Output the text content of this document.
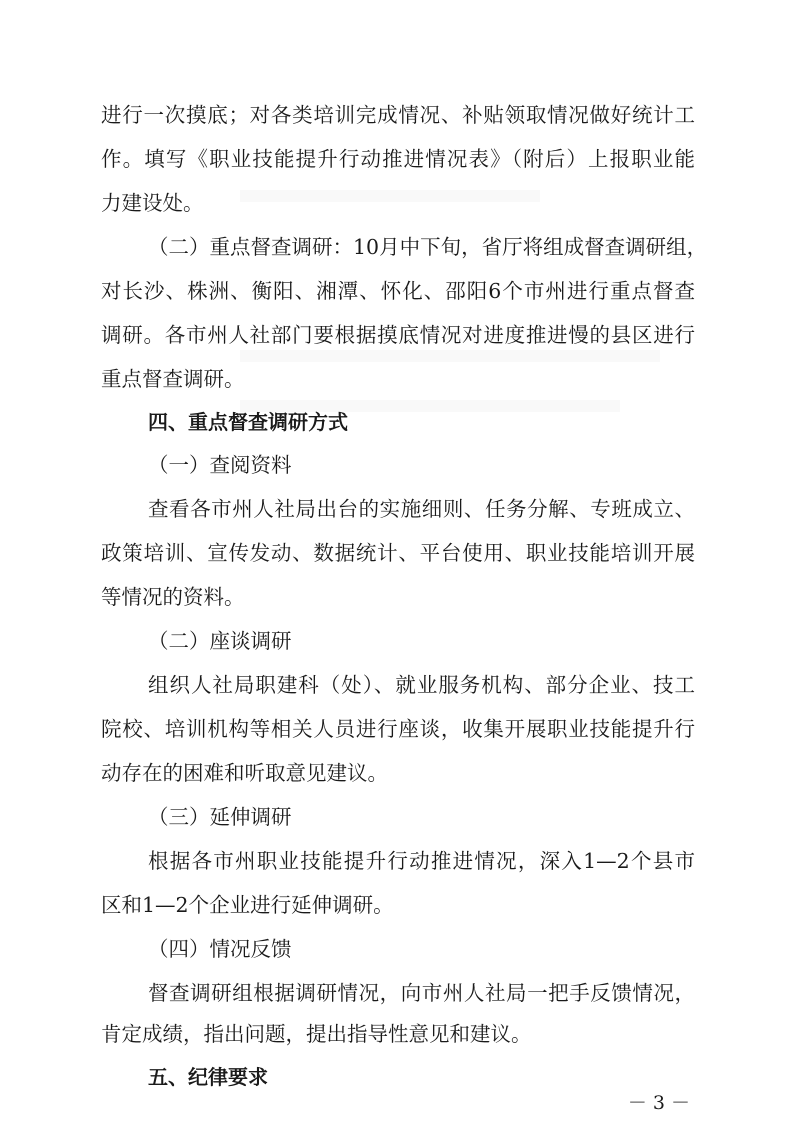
进行一次摸底；对各类培训完成情况、补贴领取情况做好统计工
作。填写《职业技能提升行动推进情况表》（附后）上报职业能
力建设处。
（二）重点督查调研：10月中下旬，省厅将组成督查调研组，
对长沙、株洲、衡阳、湘潭、怀化、邵阳6个市州进行重点督查
调研。各市州人社部门要根据摸底情况对进度推进慢的县区进行
重点督查调研。
四、重点督查调研方式
（一）查阅资料
查看各市州人社局出台的实施细则、任务分解、专班成立、
政策培训、宣传发动、数据统计、平台使用、职业技能培训开展
等情况的资料。
（二）座谈调研
组织人社局职建科（处）、就业服务机构、部分企业、技工
院校、培训机构等相关人员进行座谈，收集开展职业技能提升行
动存在的困难和听取意见建议。
（三）延伸调研
根据各市州职业技能提升行动推进情况，深入1—2个县市
区和1—2个企业进行延伸调研。
（四）情况反馈
督查调研组根据调研情况，向市州人社局一把手反馈情况，
肯定成绩，指出问题，提出指导性意见和建议。
五、纪律要求
－ 3 －
